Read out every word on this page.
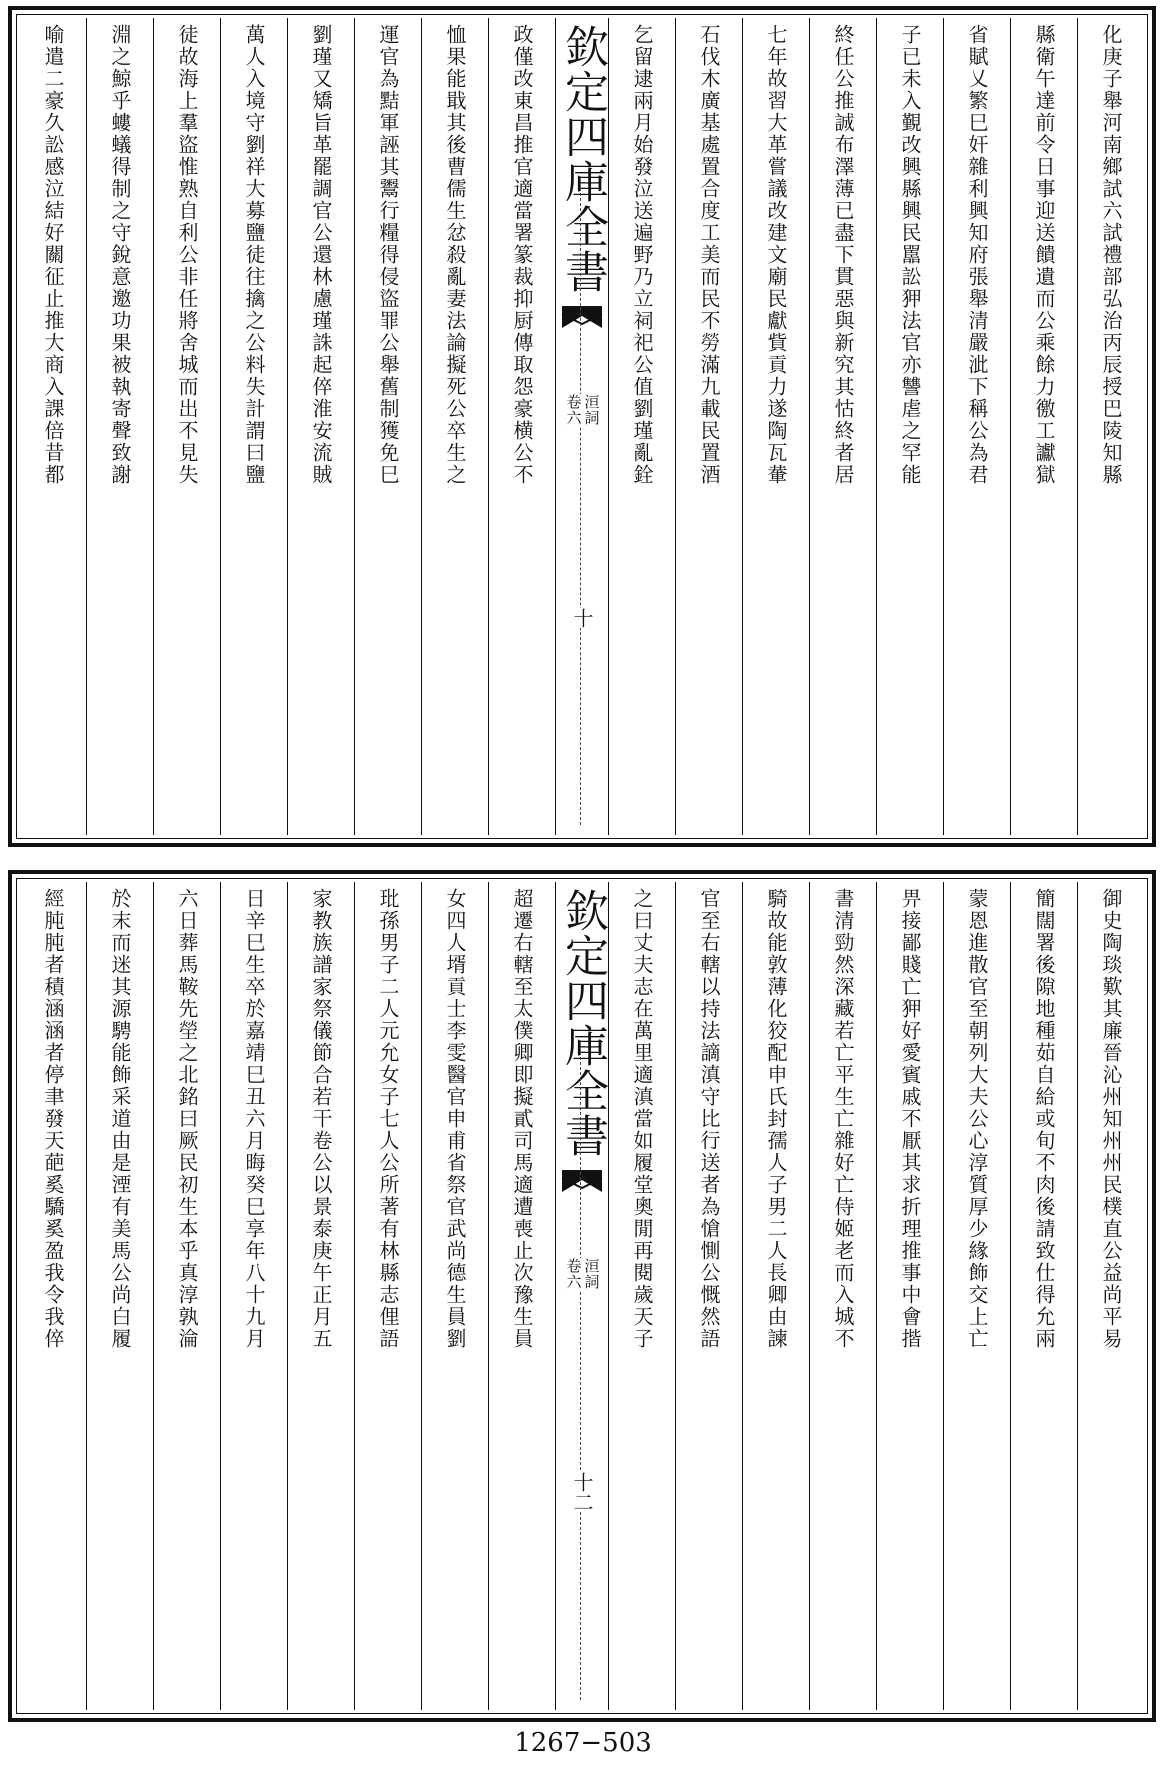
化庚子舉河南鄉試六試禮部弘治丙辰授巴陵知縣
縣衛午達前令日事迎送饋遺而公乘餘力徼工讞獄
省賦乂繁巳奸雜利興知府張舉清嚴泚下稱公為君
子已未入覲改興縣興民嚚訟狎法官亦讐虐之罕能
終任公推誠布澤薄已盡下貫惡與新究其怙終者居
七年故習大革嘗議改建文廟民獻貲貢力遂陶瓦輂
石伐木廣基處置合度工美而民不勞滿九載民置酒
乞留逮兩月始發泣送遍野乃立祠祀公值劉瑾亂銓
欽定四庫全書
洹詞
卷六
十
政僅改東昌推官適當署篆裁抑厨傳取怨豪横公不
恤果能戢其後曹儒生忿殺亂妻法論擬死公卒生之
運官為黠軍誣其鬻行糧得侵盜罪公舉舊制獲免巳
劉瑾又矯旨革罷調官公還林慮瑾誅起倅淮安流賊
萬人入境守劉祥大募鹽徒往擒之公料失計謂曰鹽
徒故海上羣盜惟熟自利公非任將舍城而出不見失
淵之鯨乎螻蟻得制之守銳意邀功果被執寄聲致謝
喻遣二豪久訟感泣結好關征止推大商入課倍昔都
御史陶琰歎其廉晉沁州知州州民樸直公益尚平易
簡闊署後隙地種茹自給或旬不肉後請致仕得允兩
蒙恩進散官至朝列大夫公心淳質厚少緣飾交上亡
畀接鄙賤亡狎好愛賓戚不厭其求折理推事中會揩
書清勁然深藏若亡平生亡雜好亡侍姬老而入城不
騎故能敦薄化狡配申氏封孺人子男二人長卿由諫
官至右轄以持法謫滇守比行送者為愴惻公慨然語
之曰丈夫志在萬里適滇當如履堂奧閒再閱歲天子
欽定四庫全書
洹詞
卷六
十二
超遷右轄至太僕卿即擬貳司馬適遭喪止次豫生員
女四人壻貢士李雯醫官申甫省祭官武尚德生員劉
玭孫男子二人元允女子七人公所著有林縣志俚語
家教族譜家祭儀節合若干卷公以景泰庚午正月五
日辛巳生卒於嘉靖巳丑六月晦癸巳享年八十九月
六日葬馬鞍先塋之北銘曰厥民初生本乎真淳孰淪
於末而迷其源騁能飾采道由是湮有美馬公尚白履
經肫肫者積涵涵者停聿發天葩奚驕奚盈我令我倅
1267−503
